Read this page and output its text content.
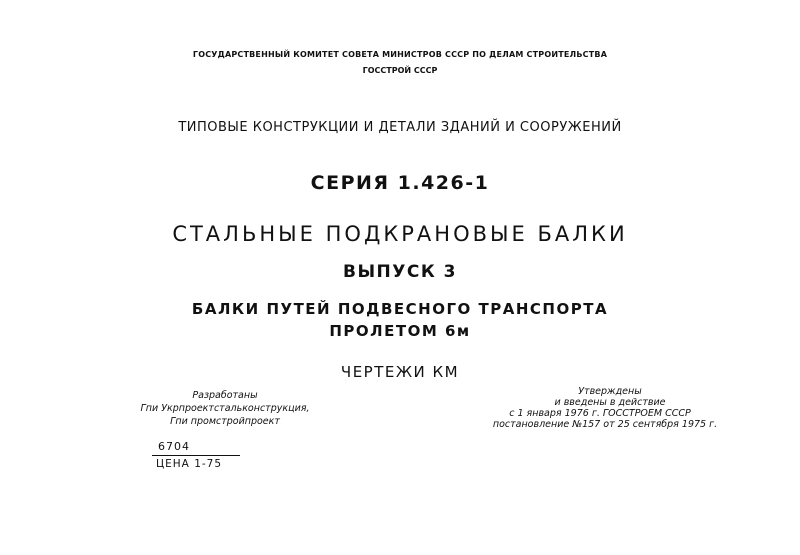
ГОСУДАРСТВЕННЫЙ КОМИТЕТ СОВЕТА МИНИСТРОВ СССР ПО ДЕЛАМ СТРОИТЕЛЬСТВА
ГОССТРОЙ СССР
ТИПОВЫЕ КОНСТРУКЦИИ И ДЕТАЛИ ЗДАНИЙ И СООРУЖЕНИЙ
СЕРИЯ 1.426-1
СТАЛЬНЫЕ ПОДКРАНОВЫЕ БАЛКИ
ВЫПУСК 3
БАЛКИ ПУТЕЙ ПОДВЕСНОГО ТРАНСПОРТА
ПРОЛЕТОМ 6м
ЧЕРТЕЖИ КМ
Разработаны
Гпи Укрпроектстальконструкция,
Гпи промстройпроект
Утверждены
и введены в действие
с 1 января 1976 г. ГОССТРОЕМ СССР
постановление №157 от 25 сентября 1975 г.
6704
ЦЕНА 1-75
